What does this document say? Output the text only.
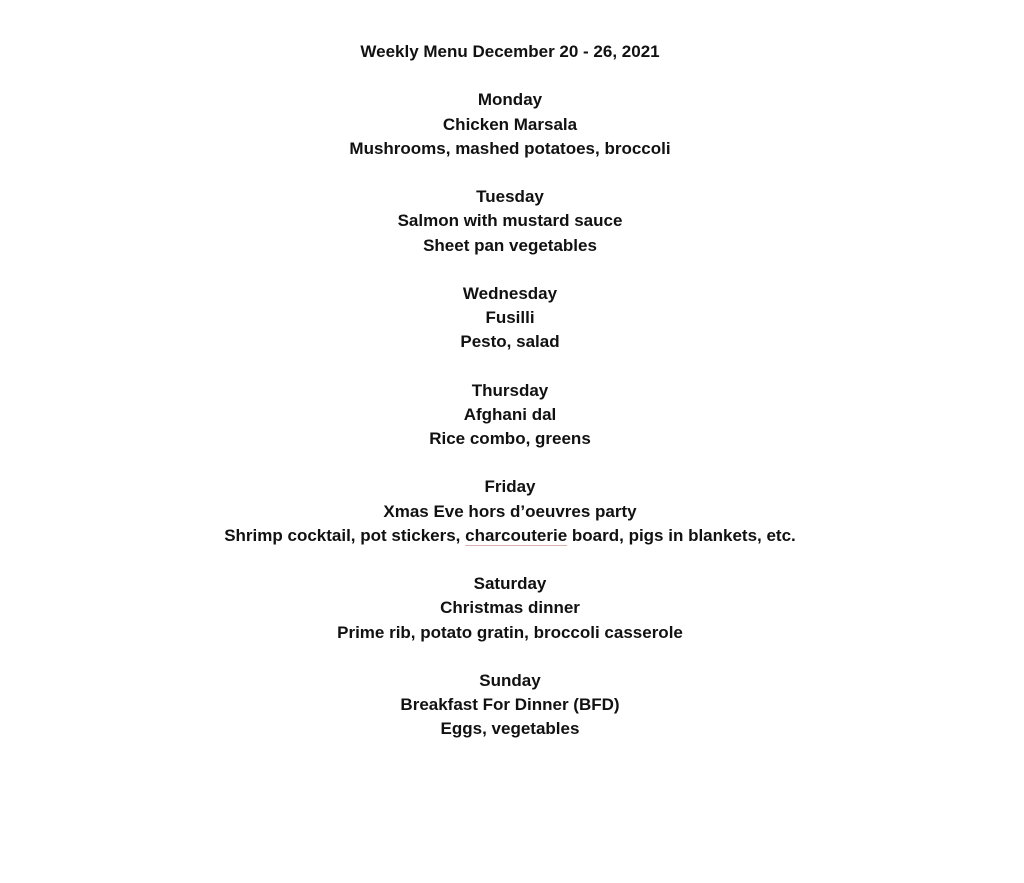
Weekly Menu December 20 - 26, 2021
Monday
Chicken Marsala
Mushrooms, mashed potatoes, broccoli
Tuesday
Salmon with mustard sauce
Sheet pan vegetables
Wednesday
Fusilli
Pesto, salad
Thursday
Afghani dal
Rice combo, greens
Friday
Xmas Eve hors d’oeuvres party
Shrimp cocktail, pot stickers, charcouterie board, pigs in blankets, etc.
Saturday
Christmas dinner
Prime rib, potato gratin, broccoli casserole
Sunday
Breakfast For Dinner (BFD)
Eggs, vegetables
